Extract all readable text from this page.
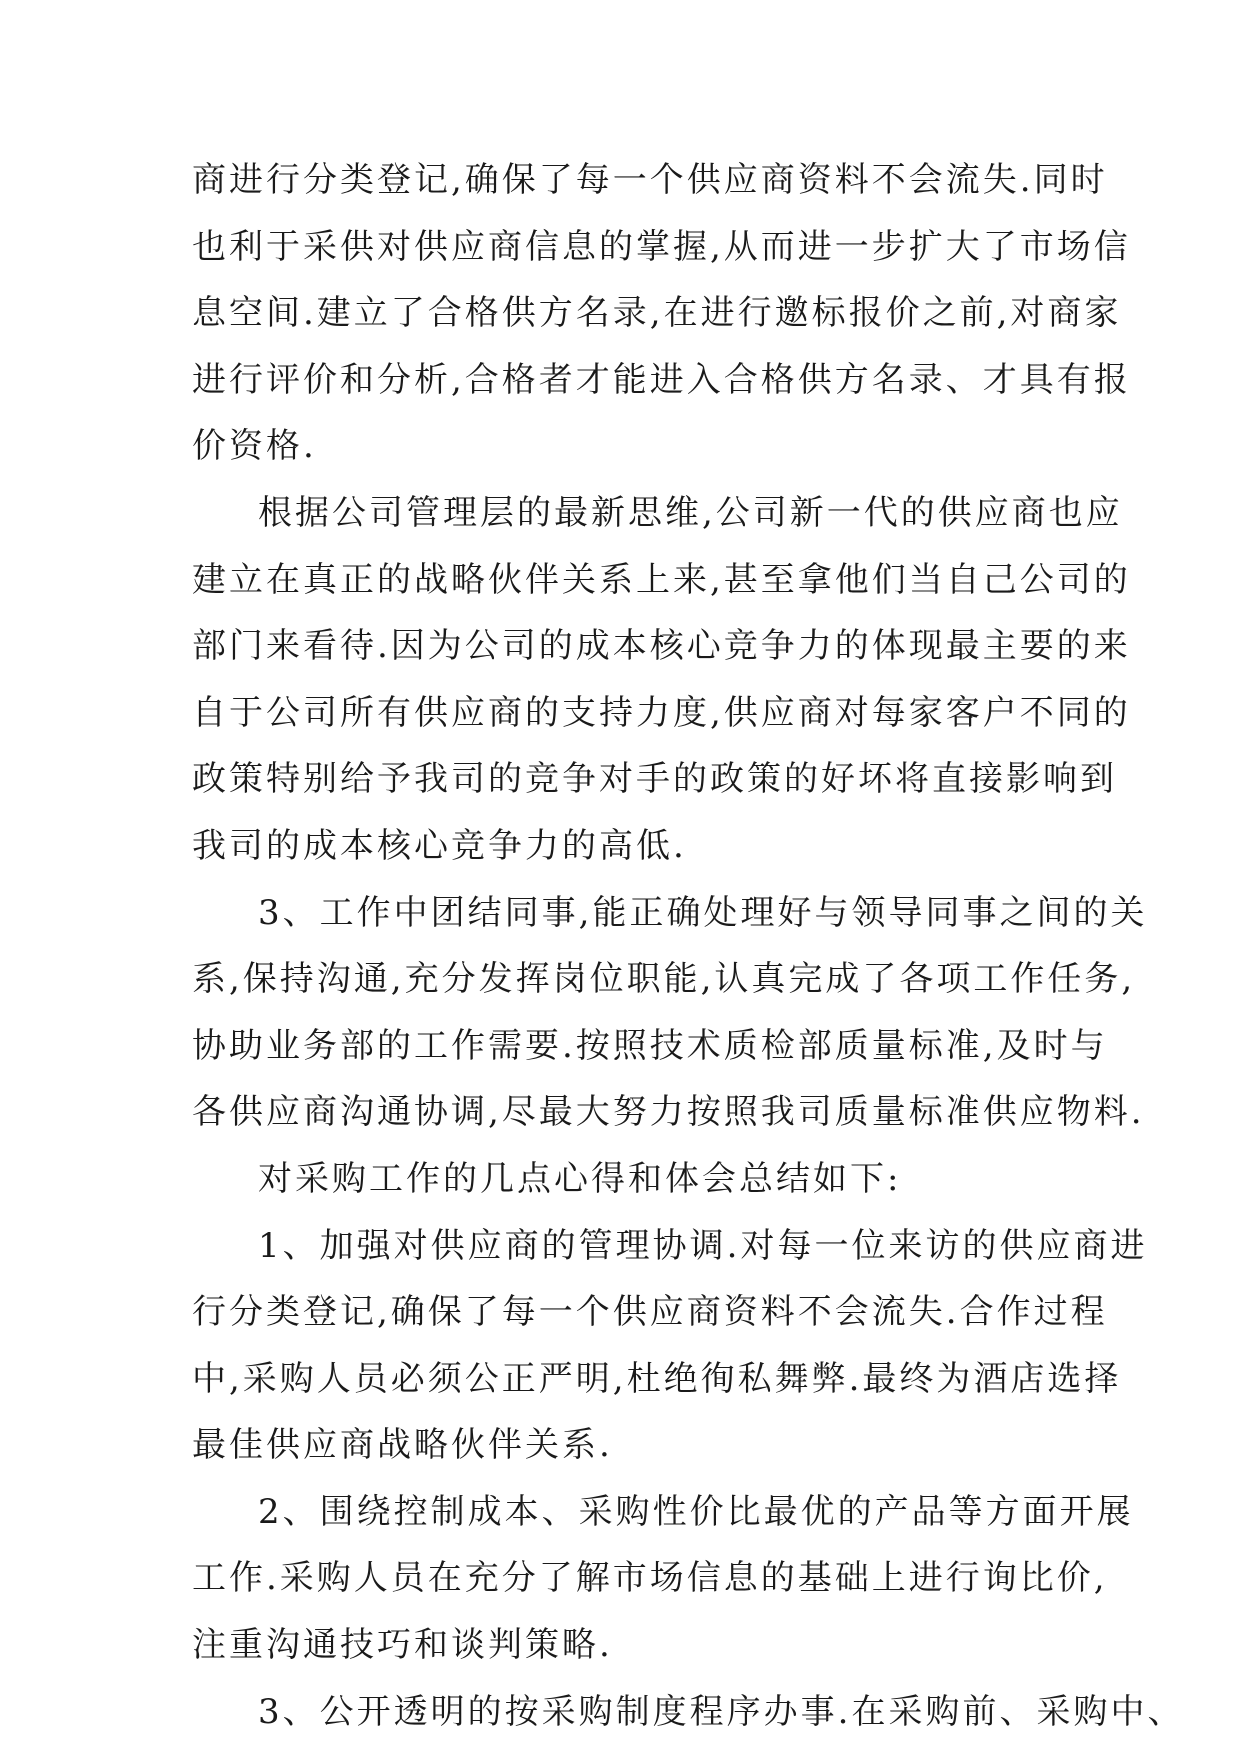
商进行分类登记,确保了每一个供应商资料不会流失.同时
也利于采供对供应商信息的掌握,从而进一步扩大了市场信
息空间.建立了合格供方名录,在进行邀标报价之前,对商家
进行评价和分析,合格者才能进入合格供方名录、才具有报
价资格.
根据公司管理层的最新思维,公司新一代的供应商也应
建立在真正的战略伙伴关系上来,甚至拿他们当自己公司的
部门来看待.因为公司的成本核心竞争力的体现最主要的来
自于公司所有供应商的支持力度,供应商对每家客户不同的
政策特别给予我司的竞争对手的政策的好坏将直接影响到
我司的成本核心竞争力的高低.
3、工作中团结同事,能正确处理好与领导同事之间的关
系,保持沟通,充分发挥岗位职能,认真完成了各项工作任务,
协助业务部的工作需要.按照技术质检部质量标准,及时与
各供应商沟通协调,尽最大努力按照我司质量标准供应物料.
对采购工作的几点心得和体会总结如下:
1、加强对供应商的管理协调.对每一位来访的供应商进
行分类登记,确保了每一个供应商资料不会流失.合作过程
中,采购人员必须公正严明,杜绝徇私舞弊.最终为酒店选择
最佳供应商战略伙伴关系.
2、围绕控制成本、采购性价比最优的产品等方面开展
工作.采购人员在充分了解市场信息的基础上进行询比价,
注重沟通技巧和谈判策略.
3、公开透明的按采购制度程序办事.在采购前、采购中、
